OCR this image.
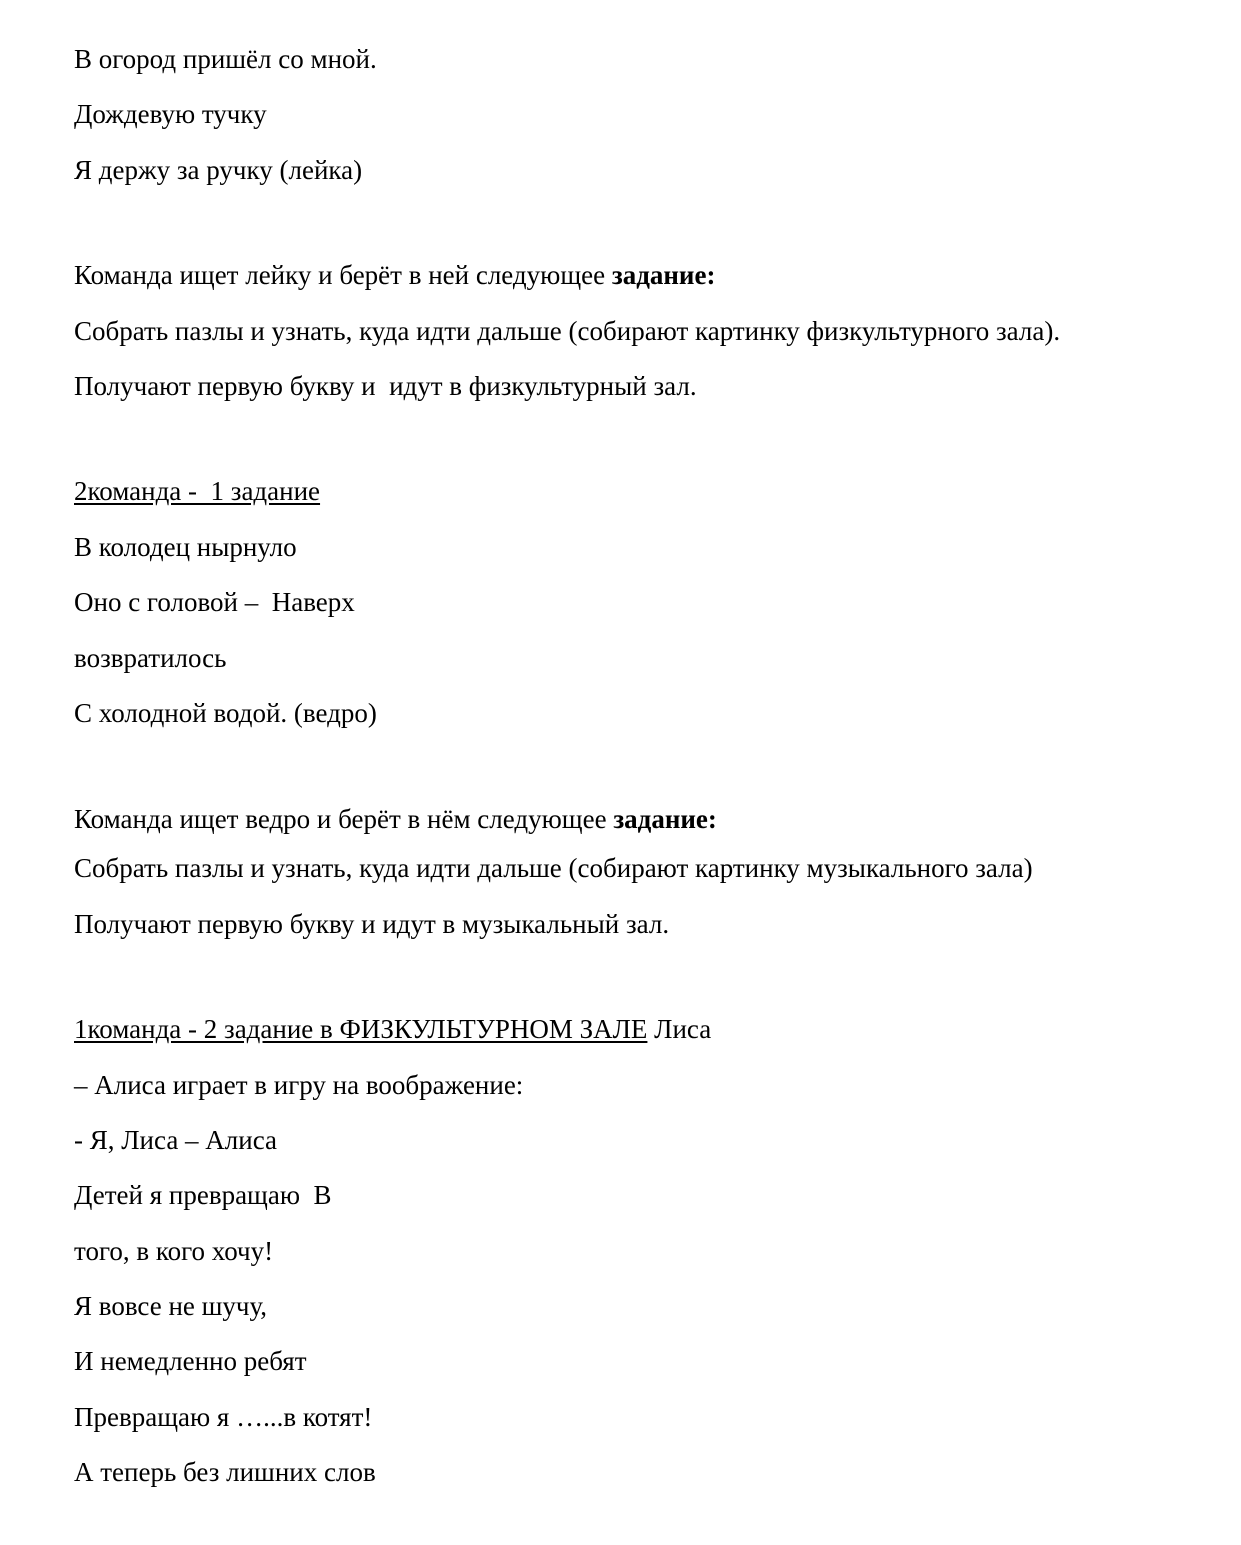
В огород пришёл со мной.

Дождевую тучку

Я держу за ручку (лейка)

Команда ищет лейку и берёт в ней следующее задание:

Собрать пазлы и узнать, куда идти дальше (собирают картинку физкультурного зала).

Получают первую букву и  идут в физкультурный зал.

2команда -  1 задание

В колодец нырнуло

Оно с головой –  Наверх

возвратилось

С холодной водой. (ведро)

Команда ищет ведро и берёт в нём следующее задание:

Собрать пазлы и узнать, куда идти дальше (собирают картинку музыкального зала)

Получают первую букву и идут в музыкальный зал.

1команда - 2 задание в ФИЗКУЛЬТУРНОМ ЗАЛЕ Лиса

– Алиса играет в игру на воображение:

- Я, Лиса – Алиса

Детей я превращаю  В

того, в кого хочу!

Я вовсе не шучу,

И немедленно ребят

Превращаю я …...в котят!

А теперь без лишних слов
